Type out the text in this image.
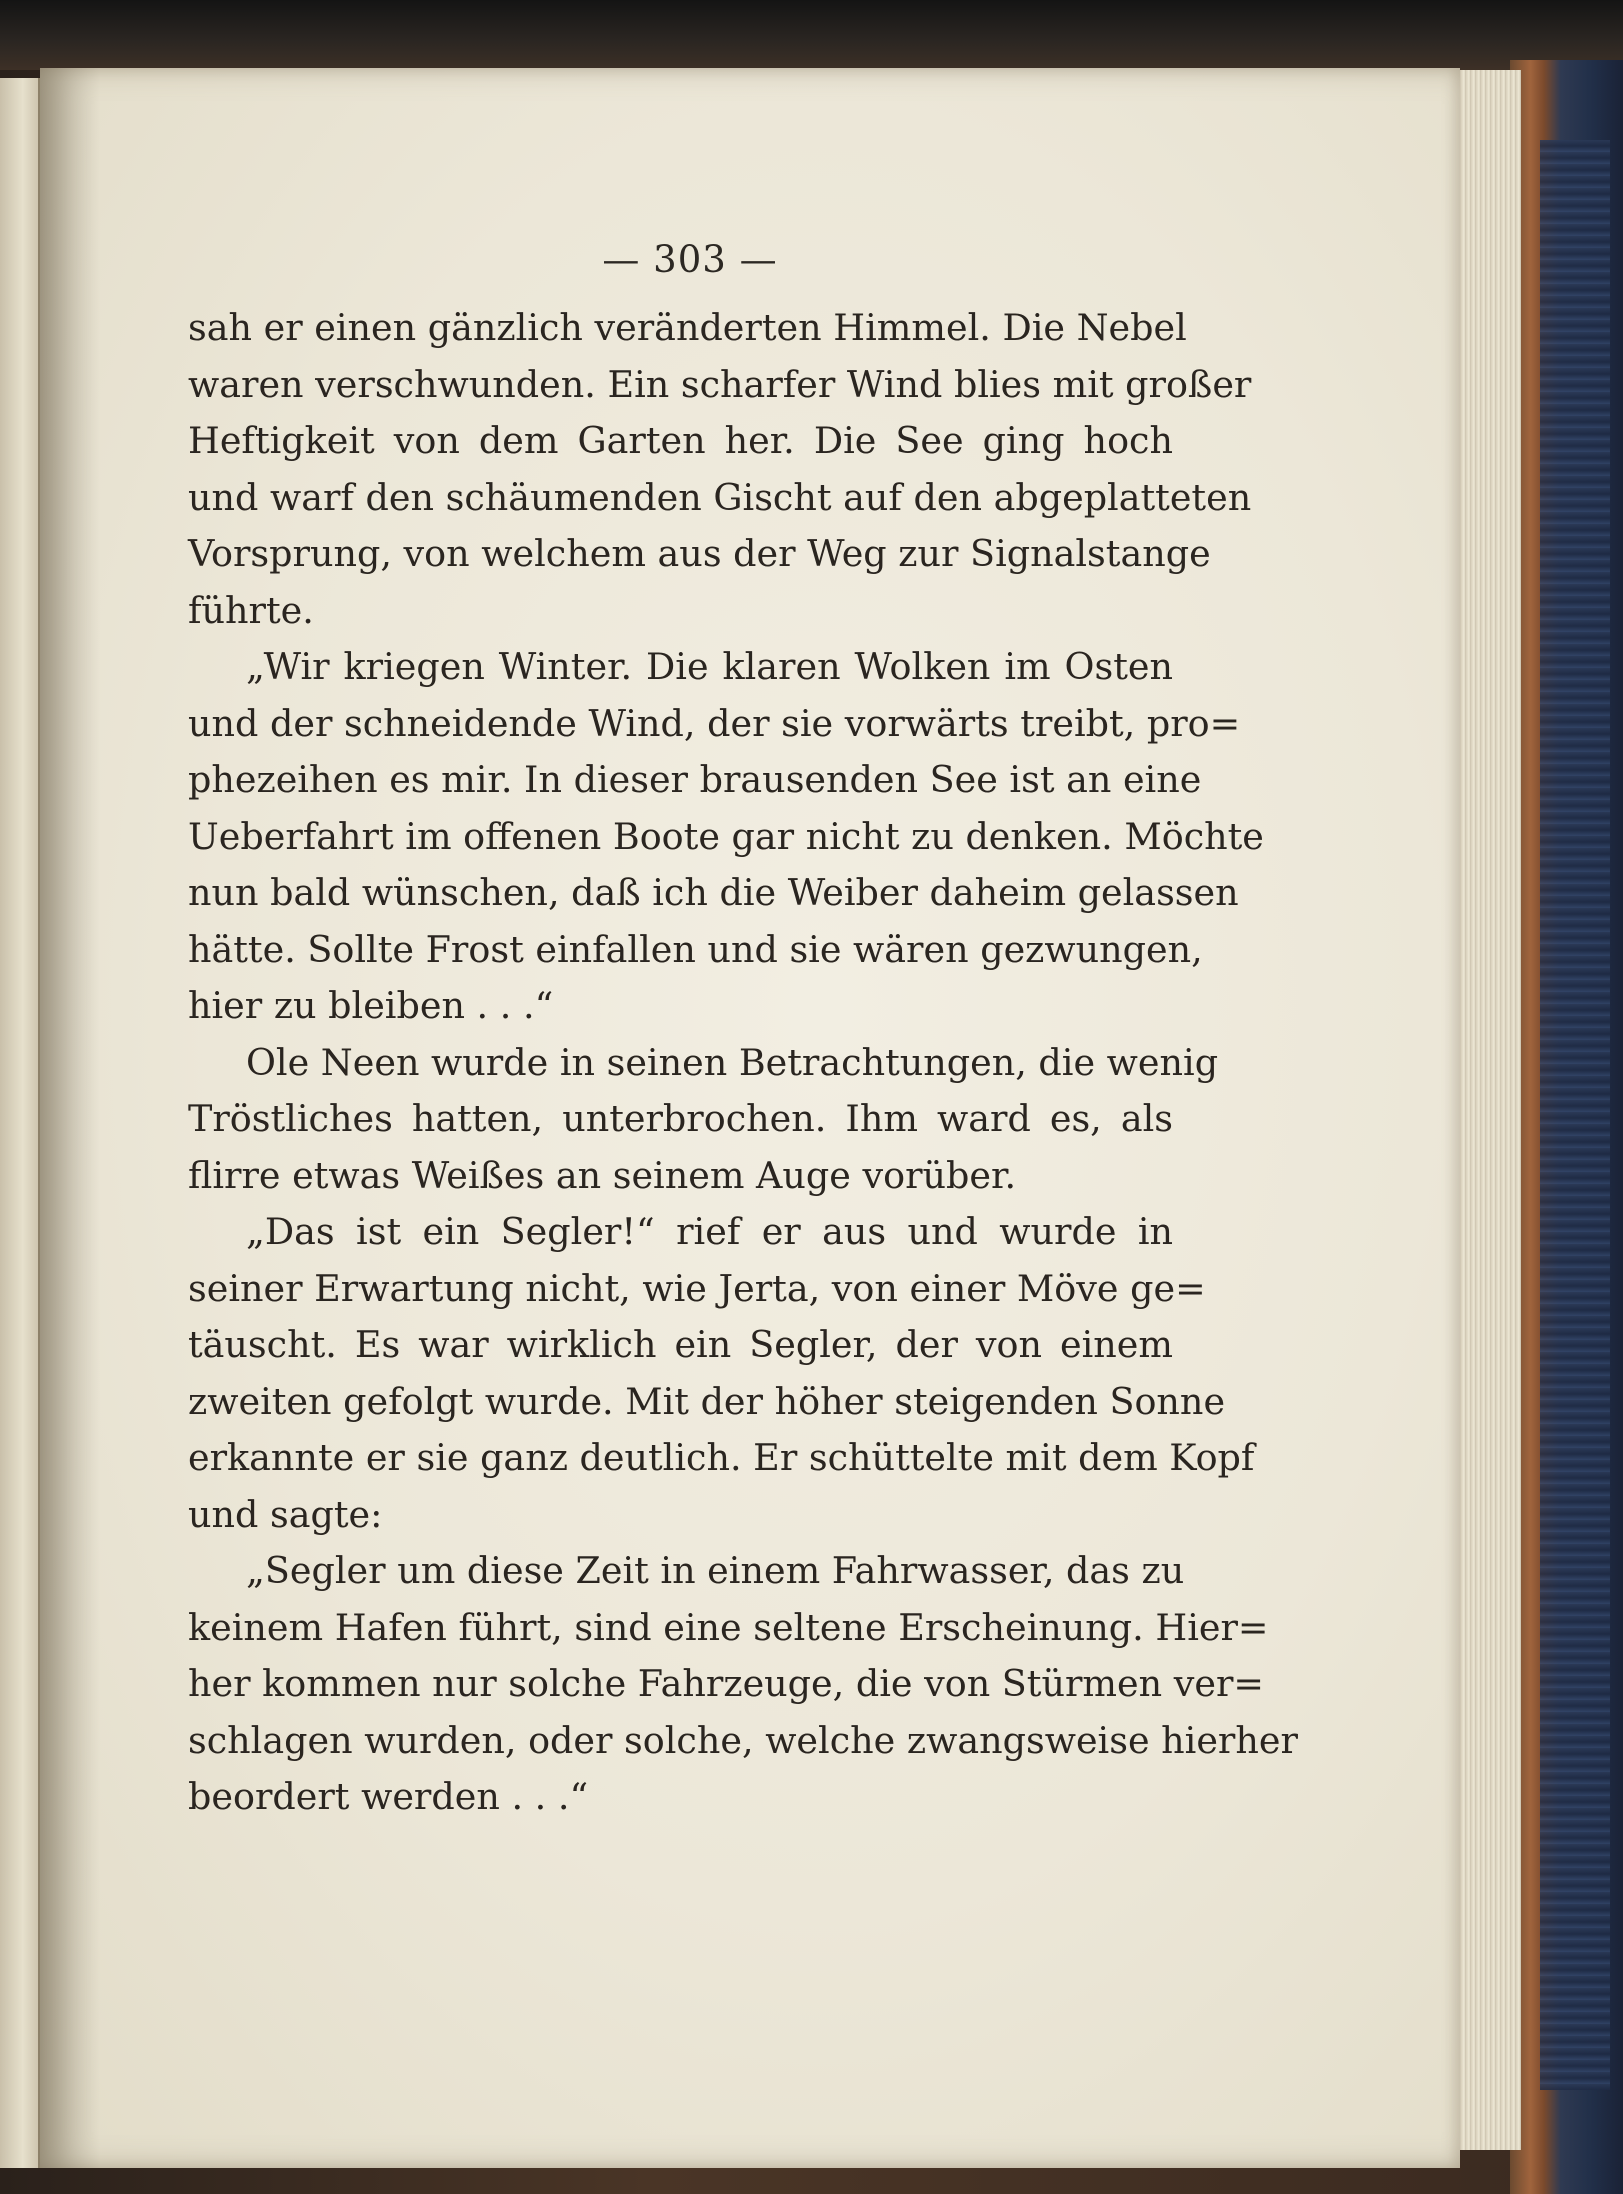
— 303 —
sah er einen gänzlich veränderten Himmel. Die Nebel
waren verschwunden. Ein scharfer Wind blies mit großer
Heftigkeit von dem Garten her. Die See ging hoch
und warf den schäumenden Gischt auf den abgeplatteten
Vorsprung, von welchem aus der Weg zur Signalstange
führte.
„Wir kriegen Winter. Die klaren Wolken im Osten
und der schneidende Wind, der sie vorwärts treibt, pro=
phezeihen es mir. In dieser brausenden See ist an eine
Ueberfahrt im offenen Boote gar nicht zu denken. Möchte
nun bald wünschen, daß ich die Weiber daheim gelassen
hätte. Sollte Frost einfallen und sie wären gezwungen,
hier zu bleiben . . .“
Ole Neen wurde in seinen Betrachtungen, die wenig
Tröstliches hatten, unterbrochen. Ihm ward es, als
flirre etwas Weißes an seinem Auge vorüber.
„Das ist ein Segler!“ rief er aus und wurde in
seiner Erwartung nicht, wie Jerta, von einer Möve ge=
täuscht. Es war wirklich ein Segler, der von einem
zweiten gefolgt wurde. Mit der höher steigenden Sonne
erkannte er sie ganz deutlich. Er schüttelte mit dem Kopf
und sagte:
„Segler um diese Zeit in einem Fahrwasser, das zu
keinem Hafen führt, sind eine seltene Erscheinung. Hier=
her kommen nur solche Fahrzeuge, die von Stürmen ver=
schlagen wurden, oder solche, welche zwangsweise hierher
beordert werden . . .“
